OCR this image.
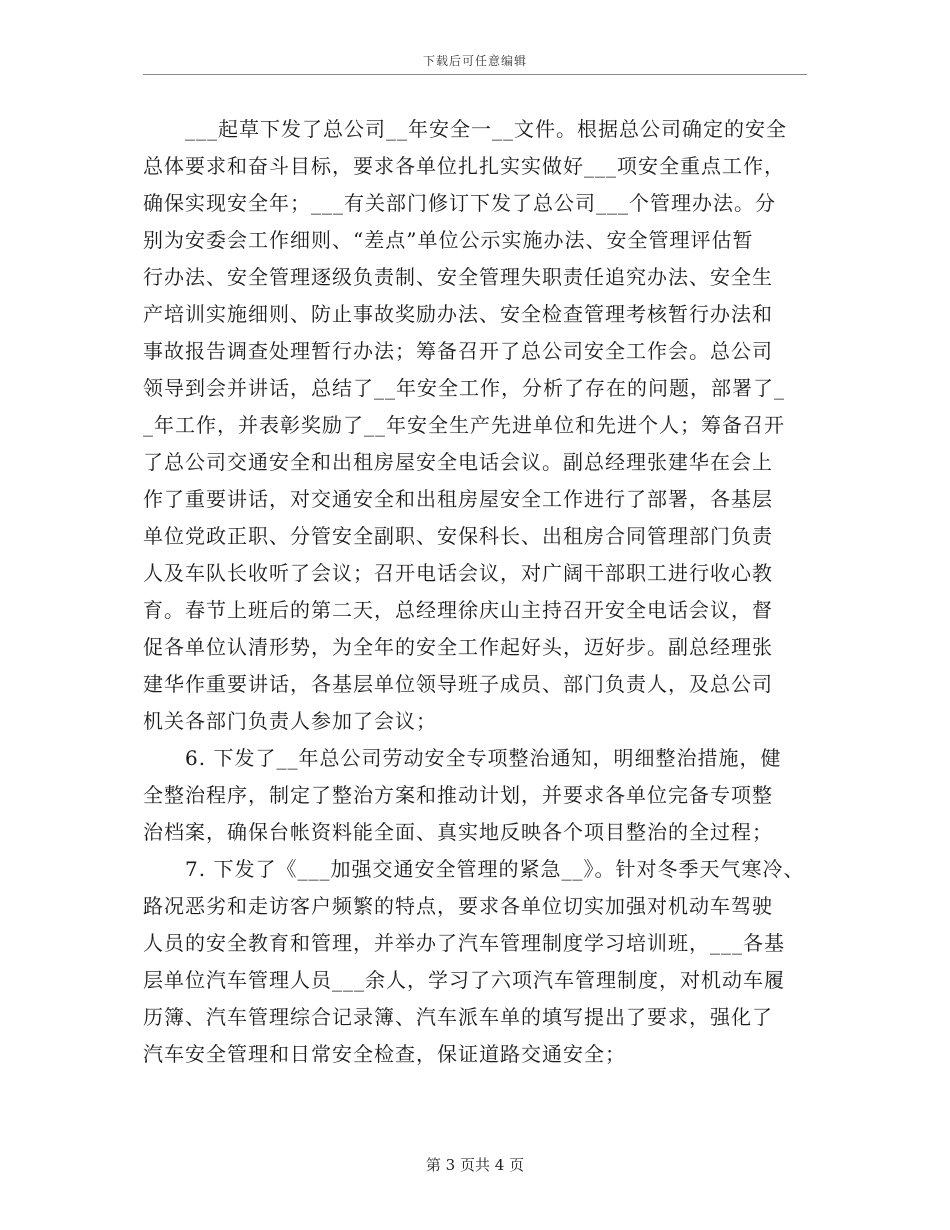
下载后可任意编辑
___起草下发了总公司__年安全一__文件。根据总公司确定的安全
总体要求和奋斗目标，要求各单位扎扎实实做好___项安全重点工作，
确保实现安全年；___有关部门修订下发了总公司___个管理办法。分
别为安委会工作细则、“差点”单位公示实施办法、安全管理评估暂
行办法、安全管理逐级负责制、安全管理失职责任追究办法、安全生
产培训实施细则、防止事故奖励办法、安全检查管理考核暂行办法和
事故报告调查处理暂行办法；筹备召开了总公司安全工作会。总公司
领导到会并讲话，总结了__年安全工作，分析了存在的问题，部署了_
_年工作，并表彰奖励了__年安全生产先进单位和先进个人；筹备召开
了总公司交通安全和出租房屋安全电话会议。副总经理张建华在会上
作了重要讲话，对交通安全和出租房屋安全工作进行了部署，各基层
单位党政正职、分管安全副职、安保科长、出租房合同管理部门负责
人及车队长收听了会议；召开电话会议，对广阔干部职工进行收心教
育。春节上班后的第二天，总经理徐庆山主持召开安全电话会议，督
促各单位认清形势，为全年的安全工作起好头，迈好步。副总经理张
建华作重要讲话，各基层单位领导班子成员、部门负责人，及总公司
机关各部门负责人参加了会议；
6. 下发了__年总公司劳动安全专项整治通知，明细整治措施，健
全整治程序，制定了整治方案和推动计划，并要求各单位完备专项整
治档案，确保台帐资料能全面、真实地反映各个项目整治的全过程；
7. 下发了《___加强交通安全管理的紧急__》。针对冬季天气寒冷、
路况恶劣和走访客户频繁的特点，要求各单位切实加强对机动车驾驶
人员的安全教育和管理，并举办了汽车管理制度学习培训班，___各基
层单位汽车管理人员___余人，学习了六项汽车管理制度，对机动车履
历簿、汽车管理综合记录簿、汽车派车单的填写提出了要求，强化了
汽车安全管理和日常安全检查，保证道路交通安全；
第 3 页共 4 页
